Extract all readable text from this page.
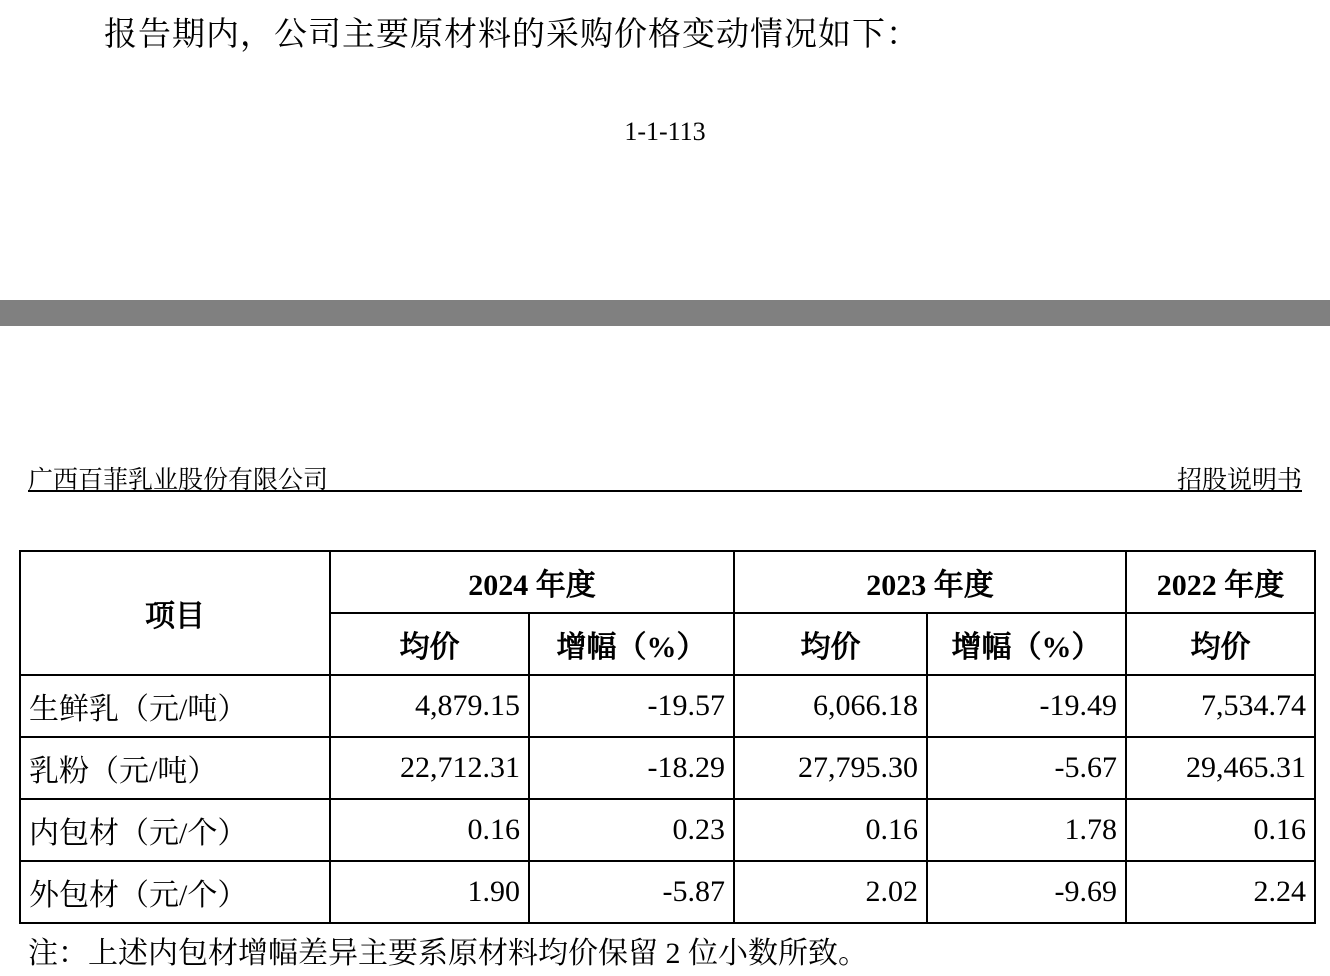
报告期内，公司主要原材料的采购价格变动情况如下：
1-1-113
广西百菲乳业股份有限公司	招股说明书
项目	2024 年度		2023 年度		2022 年度
	均价	增幅（%）	均价	增幅（%）	均价
生鲜乳（元/吨）	4,879.15	-19.57	6,066.18	-19.49	7,534.74
乳粉（元/吨）	22,712.31	-18.29	27,795.30	-5.67	29,465.31
内包材（元/个）	0.16	0.23	0.16	1.78	0.16
外包材（元/个）	1.90	-5.87	2.02	-9.69	2.24
注：上述内包材增幅差异主要系原材料均价保留 2 位小数所致。
